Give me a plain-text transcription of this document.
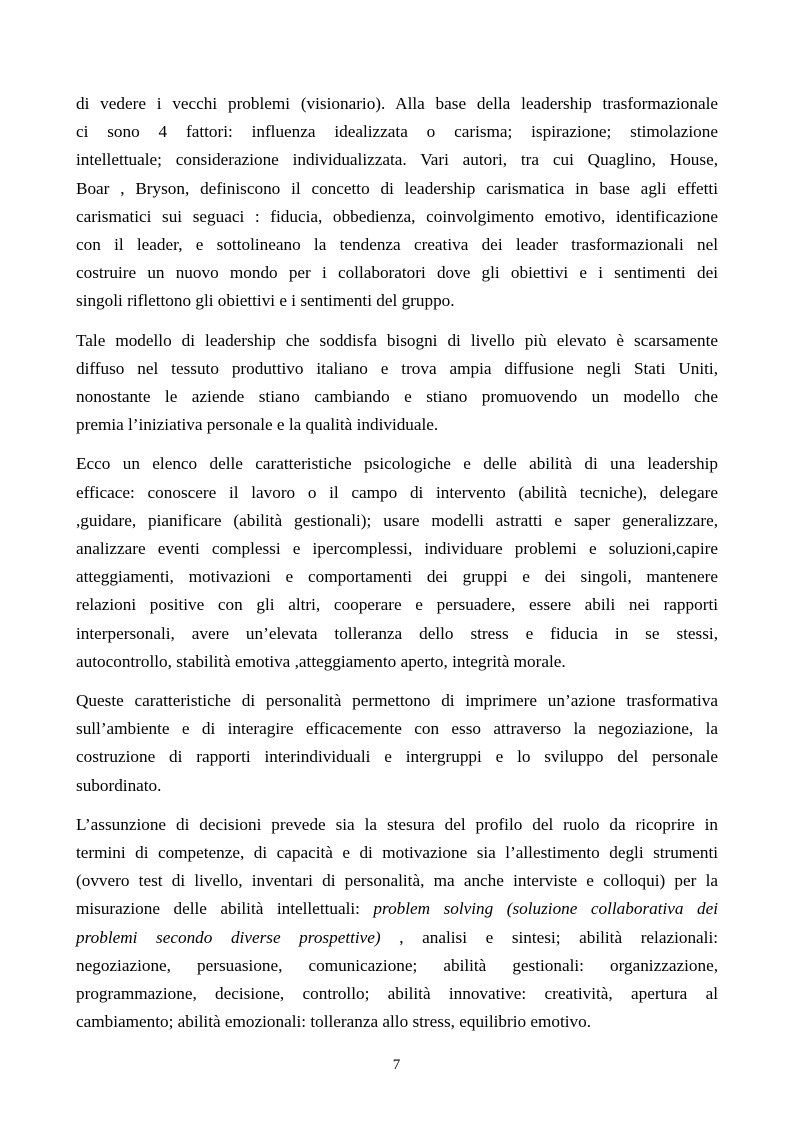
di vedere i vecchi problemi (visionario). Alla base della leadership trasformazionale
ci sono 4 fattori: influenza idealizzata o carisma; ispirazione; stimolazione
intellettuale; considerazione individualizzata. Vari autori, tra cui Quaglino, House,
Boar , Bryson, definiscono il concetto di leadership carismatica in base agli effetti
carismatici sui seguaci : fiducia, obbedienza, coinvolgimento emotivo, identificazione
con il leader, e sottolineano la tendenza creativa dei leader trasformazionali nel
costruire un nuovo mondo per i collaboratori dove gli obiettivi e i sentimenti dei
singoli riflettono gli obiettivi e i sentimenti del gruppo.

Tale modello di leadership che soddisfa bisogni di livello più elevato è scarsamente
diffuso nel tessuto produttivo italiano e trova ampia diffusione negli Stati Uniti,
nonostante le aziende stiano cambiando e stiano promuovendo un modello che
premia l’iniziativa personale e la qualità individuale.

Ecco un elenco delle caratteristiche psicologiche e delle abilità di una leadership
efficace: conoscere il lavoro o il campo di intervento (abilità tecniche), delegare
,guidare, pianificare (abilità gestionali); usare modelli astratti e saper generalizzare,
analizzare eventi complessi e ipercomplessi, individuare problemi e soluzioni,capire
atteggiamenti, motivazioni e comportamenti dei gruppi e dei singoli, mantenere
relazioni positive con gli altri, cooperare e persuadere, essere abili nei rapporti
interpersonali, avere un’elevata tolleranza dello stress e fiducia in se stessi,
autocontrollo, stabilità emotiva ,atteggiamento aperto, integrità morale.

Queste caratteristiche di personalità permettono di imprimere un’azione trasformativa
sull’ambiente e di interagire efficacemente con esso attraverso la negoziazione, la
costruzione di rapporti interindividuali e intergruppi e lo sviluppo del personale
subordinato.

L’assunzione di decisioni prevede sia la stesura del profilo del ruolo da ricoprire in
termini di competenze, di capacità e di motivazione sia l’allestimento degli strumenti
(ovvero test di livello, inventari di personalità, ma anche interviste e colloqui) per la
misurazione delle abilità intellettuali: problem solving (soluzione collaborativa dei
problemi secondo diverse prospettive) , analisi e sintesi; abilità relazionali:
negoziazione, persuasione, comunicazione; abilità gestionali: organizzazione,
programmazione, decisione, controllo; abilità innovative: creatività, apertura al
cambiamento; abilità emozionali: tolleranza allo stress, equilibrio emotivo.

7
